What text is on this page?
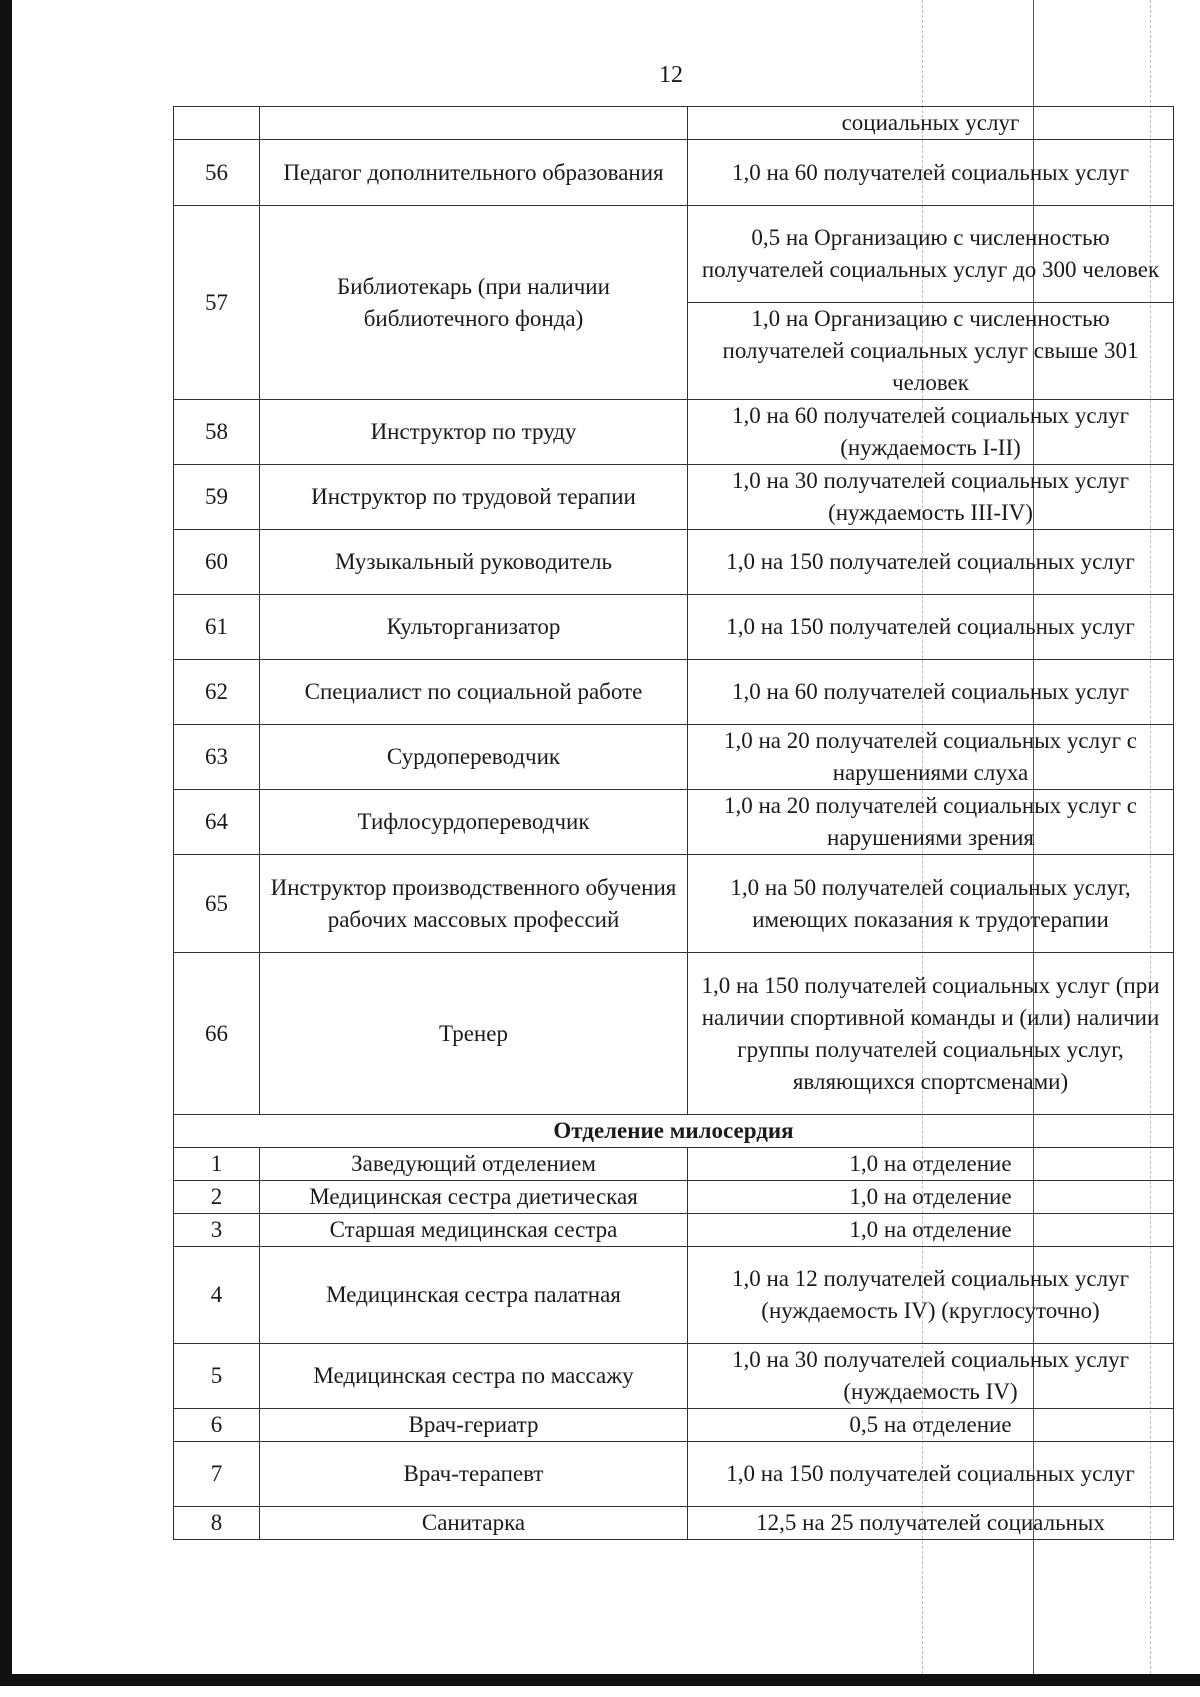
12
		социальных услуг
56	Педагог дополнительного образования	1,0 на 60 получателей социальных услуг
57	Библиотекарь (при наличии библиотечного фонда)	0,5 на Организацию с численностью получателей социальных услуг до 300 человек
		1,0 на Организацию с численностью получателей социальных услуг свыше 301 человек
58	Инструктор по труду	1,0 на 60 получателей социальных услуг (нуждаемость I-II)
59	Инструктор по трудовой терапии	1,0 на 30 получателей социальных услуг (нуждаемость III-IV)
60	Музыкальный руководитель	1,0 на 150 получателей социальных услуг
61	Культорганизатор	1,0 на 150 получателей социальных услуг
62	Специалист по социальной работе	1,0 на 60 получателей социальных услуг
63	Сурдопереводчик	1,0 на 20 получателей социальных услуг с нарушениями слуха
64	Тифлосурдопереводчик	1,0 на 20 получателей социальных услуг с нарушениями зрения
65	Инструктор производственного обучения рабочих массовых профессий	1,0 на 50 получателей социальных услуг, имеющих показания к трудотерапии
66	Тренер	1,0 на 150 получателей социальных услуг (при наличии спортивной команды и (или) наличии группы получателей социальных услуг, являющихся спортсменами)
Отделение милосердия		
1	Заведующий отделением	1,0 на отделение
2	Медицинская сестра диетическая	1,0 на отделение
3	Старшая медицинская сестра	1,0 на отделение
4	Медицинская сестра палатная	1,0 на 12 получателей социальных услуг (нуждаемость IV) (круглосуточно)
5	Медицинская сестра по массажу	1,0 на 30 получателей социальных услуг (нуждаемость IV)
6	Врач-гериатр	0,5 на отделение
7	Врач-терапевт	1,0 на 150 получателей социальных услуг
8	Санитарка	12,5 на 25 получателей социальных
